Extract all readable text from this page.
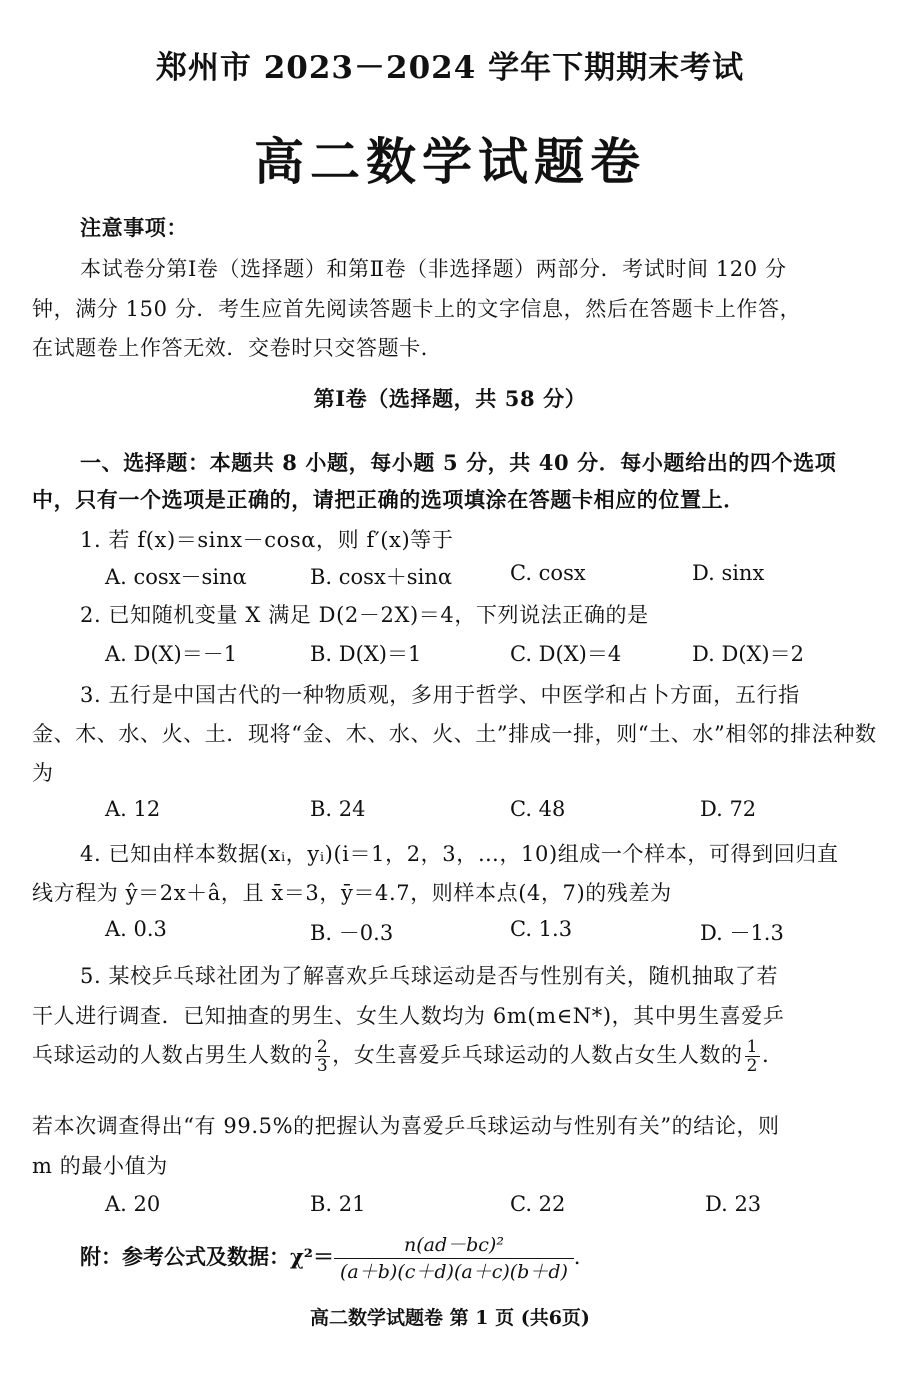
郑州市 2023－2024 学年下期期末考试
高二数学试题卷
注意事项：
本试卷分第Ⅰ卷（选择题）和第Ⅱ卷（非选择题）两部分．考试时间 120 分
钟，满分 150 分．考生应首先阅读答题卡上的文字信息，然后在答题卡上作答，
在试题卷上作答无效．交卷时只交答题卡．
第Ⅰ卷（选择题，共 58 分）
一、选择题：本题共 8 小题，每小题 5 分，共 40 分．每小题给出的四个选项
中，只有一个选项是正确的，请把正确的选项填涂在答题卡相应的位置上．
1. 若 f(x)＝sinx－cosα，则 f′(x)等于
A. cosx－sinα	B. cosx＋sinα	C. cosx	D. sinx
2. 已知随机变量 X 满足 D(2－2X)＝4，下列说法正确的是
A. D(X)＝－1	B. D(X)＝1	C. D(X)＝4	D. D(X)＝2
3. 五行是中国古代的一种物质观，多用于哲学、中医学和占卜方面，五行指
金、木、水、火、土．现将“金、木、水、火、土”排成一排，则“土、水”相邻的排法种数
为
A. 12	B. 24	C. 48	D. 72
4. 已知由样本数据(xᵢ，yᵢ)(i＝1，2，3，…，10)组成一个样本，可得到回归直
线方程为 ŷ＝2x＋â，且 x̄＝3，ȳ＝4.7，则样本点(4，7)的残差为
A. 0.3	B. －0.3	C. 1.3	D. －1.3
5. 某校乒乓球社团为了解喜欢乒乓球运动是否与性别有关，随机抽取了若
干人进行调查．已知抽查的男生、女生人数均为 6m(m∈N*)，其中男生喜爱乒
乓球运动的人数占男生人数的 $\frac{2}{3}$ ，女生喜爱乒乓球运动的人数占女生人数的 $\frac{1}{2}$ ．
若本次调查得出“有 99.5%的把握认为喜爱乒乓球运动与性别有关”的结论，则
m 的最小值为
A. 20	B. 21	C. 22	D. 23
附：参考公式及数据：$\chi^2= \frac{\text{n(ad－bc)²}}{(a+b)(c+d)(a+c)(b+d)}$ ．
高二数学试题卷 第 1 页 (共6页)
